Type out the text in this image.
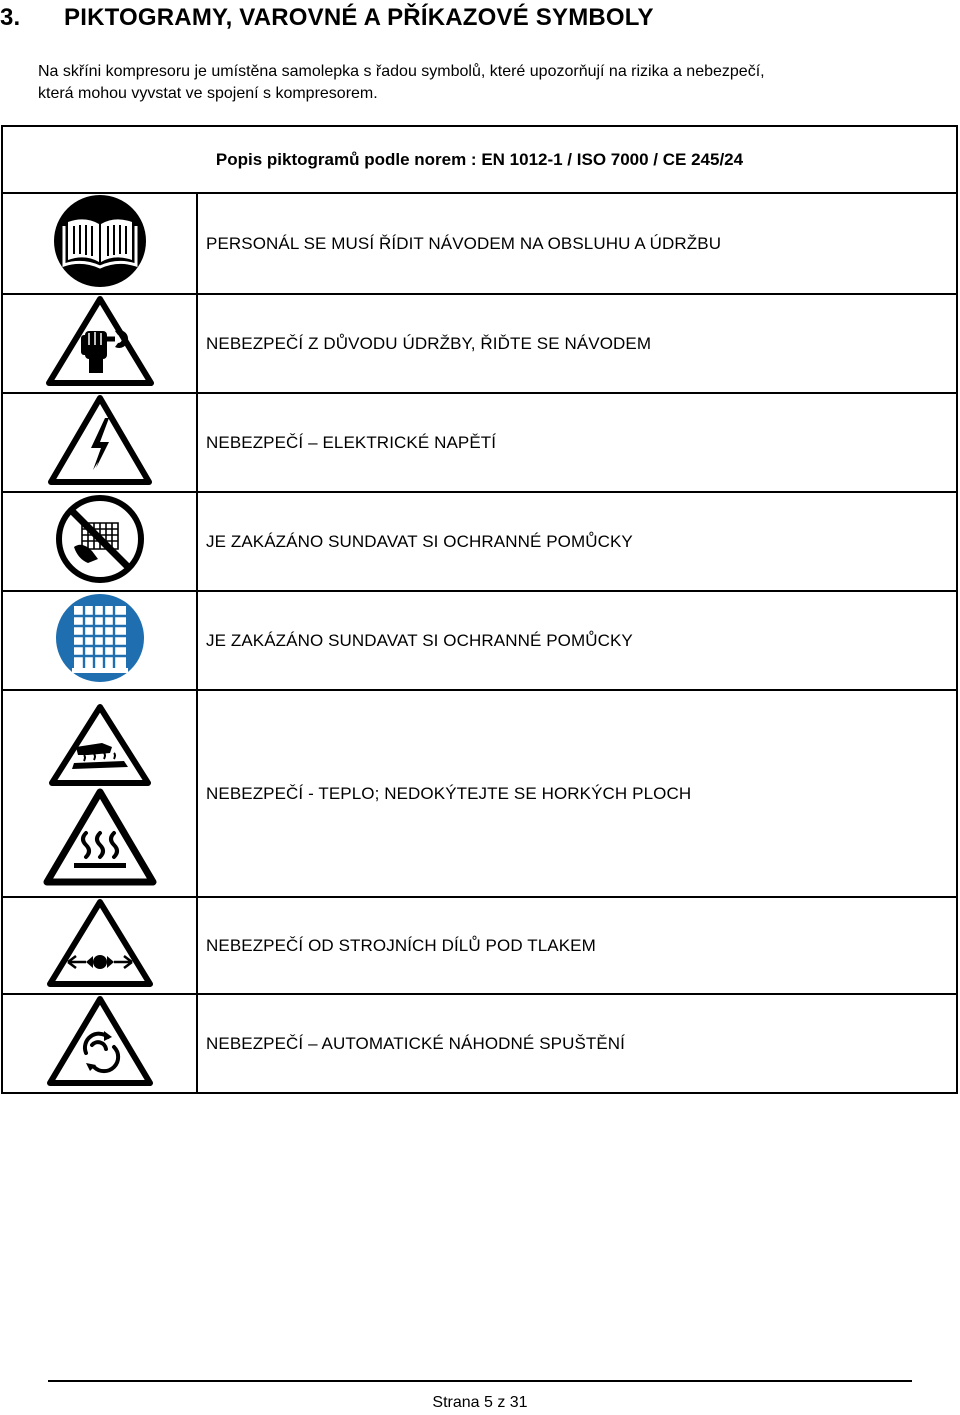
3.	PIKTOGRAMY, VAROVNÉ A PŘÍKAZOVÉ SYMBOLY
Na skříni kompresoru je umístěna samolepka s řadou symbolů, které upozorňují na rizika a nebezpečí,
která mohou vyvstat ve spojení s kompresorem.
Popis piktogramů podle norem : EN 1012-1 / ISO 7000 / CE 245/24	
	PERSONÁL SE MUSÍ ŘÍDIT NÁVODEM NA OBSLUHU A ÚDRŽBU
	NEBEZPEČÍ Z DŮVODU ÚDRŽBY, ŘIĎTE SE NÁVODEM
	NEBEZPEČÍ – ELEKTRICKÉ NAPĚTÍ
	JE ZAKÁZÁNO SUNDAVAT SI OCHRANNÉ POMŮCKY
	JE ZAKÁZÁNO SUNDAVAT SI OCHRANNÉ POMŮCKY

	NEBEZPEČÍ - TEPLO; NEDOKÝTEJTE SE HORKÝCH PLOCH
	NEBEZPEČÍ OD STROJNÍCH DÍLŮ POD TLAKEM
	NEBEZPEČÍ – AUTOMATICKÉ NÁHODNÉ SPUŠTĚNÍ
Strana 5 z 31
